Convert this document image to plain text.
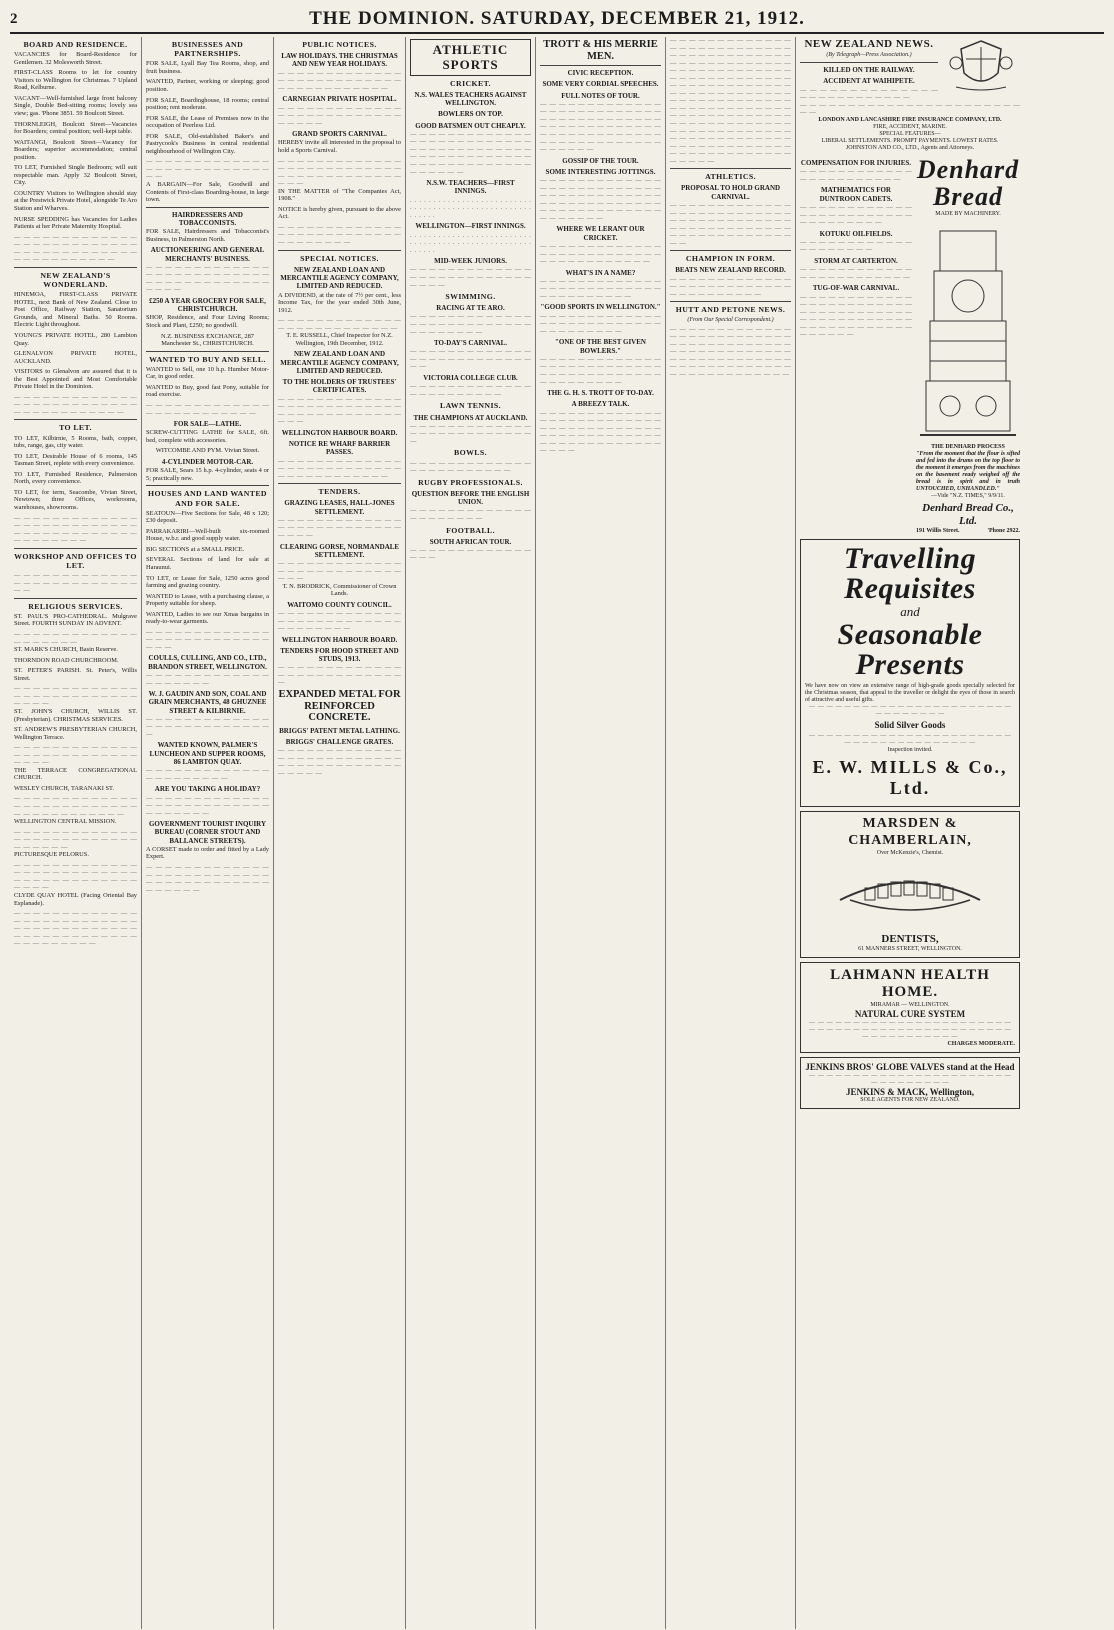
2	THE DOMINION. SATURDAY, DECEMBER 21, 1912.
BOARD AND RESIDENCE.
VACANCIES for Board-Residence for Gentlemen. 32 Molesworth Street.
FIRST-CLASS Rooms to let for country Visitors to Wellington for Christmas. 7 Upland Road, Kelburne.
VACANT—Well-furnished large front balcony Single, Double Bed-sitting rooms; lovely sea view; gas. 'Phone 3851. 59 Boulcott Street.
THORNLEIGH, Boulcott Street—Vacancies for Boarders; central position; well-kept table.
WAITANGI, Boulcott Street—Vacancy for Boarders; superior accommodation; central position.
TO LET, Furnished Single Bedroom; will suit respectable man. Apply 32 Boulcott Street, City.
COUNTRY Visitors to Wellington should stay at the Prestwick Private Hotel, alongside Te Aro Station and Wharves.
NURSE SPEDDING has Vacancies for Ladies Patients at her Private Maternity Hospital.
— — — — — — — — — — — — — — — — — — — — — — — — — — — — — — — — — — — — — — — — — — — — — — — — — —
NEW ZEALAND'S WONDERLAND.
HINEMOA, FIRST-CLASS PRIVATE HOTEL, next Bank of New Zealand. Close to Post Office, Railway Station, Sanatorium Grounds, and Mineral Baths. 50 Rooms. Electric Light throughout.
YOUNG'S PRIVATE HOTEL, 280 Lambton Quay.
GLENALVON PRIVATE HOTEL, AUCKLAND.
VISITORS to Glenalvon are assured that it is the Best Appointed and Most Comfortable Private Hotel in the Dominion.
— — — — — — — — — — — — — — — — — — — — — — — — — — — — — — — — — — — — — —
TO LET.
TO LET, Kilbirnie, 5 Rooms, bath, copper, tubs, range, gas, city water.
TO LET, Desirable House of 6 rooms, 145 Tasman Street, replete with every convenience.
TO LET, Furnished Residence, Palmerston North, every convenience.
TO LET, for term, Seacombe, Vivian Street, Newtown; three Offices, workrooms, warehouses, showrooms.
— — — — — — — — — — — — — — — — — — — — — — — — — — — — — — — — — — — — — — — — — — — — — — —
WORKSHOP AND OFFICES TO LET.
— — — — — — — — — — — — — — — — — — — — — — — — — — — —
RELIGIOUS SERVICES.
ST. PAUL'S PRO-CATHEDRAL. Mulgrave Street. FOURTH SUNDAY IN ADVENT.
— — — — — — — — — — — — — — — — — — — —
ST. MARK'S CHURCH, Basin Reserve.
THORNDON ROAD CHURCHROOM.
ST. PETER'S PARISH. St. Peter's, Willis Street.
— — — — — — — — — — — — — — — — — — — — — — — — — — — — — —
ST. JOHN'S CHURCH, WILLIS ST. (Presbyterian). CHRISTMAS SERVICES.
ST. ANDREW'S PRESBYTERIAN CHURCH, Wellington Terrace.
— — — — — — — — — — — — — — — — — — — — — — — — — — — — — —
THE TERRACE CONGREGATIONAL CHURCH.
WESLEY CHURCH, TARANAKI ST.
— — — — — — — — — — — — — — — — — — — — — — — — — — — — — — — — — — — — — —
WELLINGTON CENTRAL MISSION.
— — — — — — — — — — — — — — — — — — — — — — — — — — — — — — — —
PICTURESQUE PELORUS.
— — — — — — — — — — — — — — — — — — — — — — — — — — — — — — — — — — — — — — — — — — —
CLYDE QUAY HOTEL (Facing Oriental Bay Esplanade).
— — — — — — — — — — — — — — — — — — — — — — — — — — — — — — — — — — — — — — — — — — — — — — — — — — — — — — — — — — — — —
BUSINESSES AND PARTNERSHIPS.
FOR SALE, Lyall Bay Tea Rooms, shop, and fruit business.
WANTED, Partner, working or sleeping; good position.
FOR SALE, Boardinghouse, 18 rooms; central position; rent moderate.
FOR SALE, the Lease of Premises now in the occupation of Peerless Ltd.
FOR SALE, Old-established Baker's and Pastrycook's Business in central residential neighbourhood of Wellington City.
— — — — — — — — — — — — — — — — — — — — — — — — — — — —
A BARGAIN—For Sale, Goodwill and Contents of First-class Boarding-house, in large town.
HAIRDRESSERS AND TOBACCONISTS.
FOR SALE, Hairdressers and Tobacconist's Business, in Palmerston North.
AUCTIONEERING AND GENERAL MERCHANTS' BUSINESS.
— — — — — — — — — — — — — — — — — — — — — — — — — — — — — — — — — — — — — — — — — — —
£250 A YEAR GROCERY FOR SALE, CHRISTCHURCH.
SHOP, Residence, and Four Living Rooms; Stock and Plant, £250; no goodwill.
N.Z. BUSINESS EXCHANGE, 287 Manchester St., CHRISTCHURCH.
WANTED TO BUY AND SELL.
WANTED to Sell, one 10 h.p. Humber Motor-Car, in good order.
WANTED to Buy, good fast Pony, suitable for road exercise.
— — — — — — — — — — — — — — — — — — — — — — — — —
FOR SALE—LATHE.
SCREW-CUTTING LATHE for SALE, 6ft. bed, complete with accessories.
WITCOMBE AND PYM. Vivian Street.
4-CYLINDER MOTOR-CAR.
FOR SALE, Sears 15 h.p. 4-cylinder, seats 4 or 5; practically new.
HOUSES AND LAND WANTED AND FOR SALE.
SEATOUN—Five Sections for Sale, 48 x 120; £30 deposit.
PARRAKARIRI—Well-built six-roomed House, w.b.r. and good supply water.
BIG SECTIONS at a SMALL PRICE.
SEVERAL Sections of land for sale at Haraunui.
TO LET, or Lease for Sale, 1250 acres good farming and grazing country.
WANTED to Lease, with a purchasing clause, a Property suitable for sheep.
WANTED, Ladies to see our Xmas bargains in ready-to-wear garments.
— — — — — — — — — — — — — — — — — — — — — — — — — — — — —
COULLS, CULLING, AND CO., LTD., BRANDON STREET, WELLINGTON.
— — — — — — — — — — — — — — — — — — — —
W. J. GAUDIN AND SON, COAL AND GRAIN MERCHANTS, 48 GHUZNEE STREET & KILBIRNIE.
— — — — — — — — — — — — — — — — — — — — — — — — — — —
WANTED KNOWN, PALMER'S LUNCHEON AND SUPPER ROOMS, 86 LAMBTON QUAY.
— — — — — — — — — — — — — — — — — — — — — —
ARE YOU TAKING A HOLIDAY?
— — — — — — — — — — — — — — — — — — — — — — — — — — — — — — — — —
GOVERNMENT TOURIST INQUIRY BUREAU (CORNER STOUT AND BALLANCE STREETS).
A CORSET made to order and fitted by a Lady Expert.
— — — — — — — — — — — — — — — — — — — — — — — — — — — — — — — — — — — — — — — — — — — — —
PUBLIC NOTICES.
LAW HOLIDAYS. THE CHRISTMAS AND NEW YEAR HOLIDAYS.
— — — — — — — — — — — — — — — — — — — — — — — — — — — — — — — — — — — — — —
CARNEGIAN PRIVATE HOSPITAL.
— — — — — — — — — — — — — — — — — — — — — — — — — — — — — — —
GRAND SPORTS CARNIVAL.
HEREBY invite all interested in the proposal to hold a Sports Carnival.
— — — — — — — — — — — — — — — — — — — — — — — — — — — — — — — — — — — — — — — — — —
IN THE MATTER of "The Companies Act, 1908."
NOTICE is hereby given, pursuant to the above Act.
— — — — — — — — — — — — — — — — — — — — — — — — — — — — — — — — — —
SPECIAL NOTICES.
NEW ZEALAND LOAN AND MERCANTILE AGENCY COMPANY, LIMITED AND REDUCED.
A DIVIDEND, at the rate of 7½ per cent., less Income Tax, for the year ended 30th June, 1912.
— — — — — — — — — — — — — — — — — — — — — — — — — —
T. E. RUSSELL, Chief Inspector for N.Z. Wellington, 19th December, 1912.
NEW ZEALAND LOAN AND MERCANTILE AGENCY COMPANY, LIMITED AND REDUCED.
TO THE HOLDERS OF TRUSTEES' CERTIFICATES.
— — — — — — — — — — — — — — — — — — — — — — — — — — — — — — — — — — — — — — — — — —
WELLINGTON HARBOUR BOARD.
NOTICE RE WHARF BARRIER PASSES.
— — — — — — — — — — — — — — — — — — — — — — — — — — — — — — — — — — — — — —
TENDERS.
GRAZING LEASES, HALL-JONES SETTLEMENT.
— — — — — — — — — — — — — — — — — — — — — — — — — — — — — —
CLEARING GORSE, NORMANDALE SETTLEMENT.
— — — — — — — — — — — — — — — — — — — — — — — — — — — — —
T. N. BRODRICK, Commissioner of Crown Lands.
WAITOMO COUNTY COUNCIL.
— — — — — — — — — — — — — — — — — — — — — — — — — — — — — — — — — —
WELLINGTON HARBOUR BOARD.
TENDERS FOR HOOD STREET AND STUDS, 1913.
— — — — — — — — — — — — — — — — — — — — — — — — — — —
EXPANDED METAL FOR REINFORCED CONCRETE.
BRIGGS' PATENT METAL LATHING.
BRIGGS' CHALLENGE GRATES.
— — — — — — — — — — — — — — — — — — — — — — — — — — — — — — — — — — — — — — — — — — — —
ATHLETIC SPORTS
CRICKET.
N.S. WALES TEACHERS AGAINST WELLINGTON.
BOWLERS ON TOP.
GOOD BATSMEN OUT CHEAPLY.
— — — — — — — — — — — — — — — — — — — — — — — — — — — — — — — — — — — — — — — — — — — — — — — — — — — — — — — — — — — — — — — — — — — — — — —
N.S.W. TEACHERS—FIRST INNINGS.
. . . . . . . . . . . . . . . . . . . . . . . . . . . . . . . . . . . . . . . . . . . . . . . . . . . . . . . . . .
WELLINGTON—FIRST INNINGS.
. . . . . . . . . . . . . . . . . . . . . . . . . . . . . . . . . . . . . . . . . . . . . . . . . . . . . . . . . .
MID-WEEK JUNIORS.
— — — — — — — — — — — — — — — — — — — — — — — — — — — — — —
SWIMMING.
RACING AT TE ARO.
— — — — — — — — — — — — — — — — — — — — — — — — — — — — — — — — — —
TO-DAY'S CARNIVAL.
— — — — — — — — — — — — — — — — — — — — — — — — — — — —
VICTORIA COLLEGE CLUB.
— — — — — — — — — — — — — — — — — — — — — — —
LAWN TENNIS.
THE CHAMPIONS AT AUCKLAND.
— — — — — — — — — — — — — — — — — — — — — — — — — — —
BOWLS.
— — — — — — — — — — — — — — — — — — — — — — — —
RUGBY PROFESSIONALS.
QUESTION BEFORE THE ENGLISH UNION.
— — — — — — — — — — — — — — — — — — — — —
FOOTBALL.
SOUTH AFRICAN TOUR.
— — — — — — — — — — — — — — — —
TROTT & HIS MERRIE MEN.
CIVIC RECEPTION.
SOME VERY CORDIAL SPEECHES.
FULL NOTES OF TOUR.
— — — — — — — — — — — — — — — — — — — — — — — — — — — — — — — — — — — — — — — — — — — — — — — — — — — — — — — — — — — — — — — — — — — — — — — — — — — — — — — — — — — —
GOSSIP OF THE TOUR.
SOME INTERESTING JOTTINGS.
— — — — — — — — — — — — — — — — — — — — — — — — — — — — — — — — — — — — — — — — — — — — — — — — — — — — — — — — — — — — — — — — — — — — — — — —
WHERE WE LERANT OUR CRICKET.
— — — — — — — — — — — — — — — — — — — — — — — — — — — — — — — — — — — — — —
WHAT'S IN A NAME?
— — — — — — — — — — — — — — — — — — — — — — — — — — — — — — — — — — — —
"GOOD SPORTS IN WELLINGTON."
— — — — — — — — — — — — — — — — — — — — — — — — — — — — — — — — — — —
"ONE OF THE BEST GIVEN BOWLERS."
— — — — — — — — — — — — — — — — — — — — — — — — — — — — — — — — — — — — — — — — — — — — — — — —
THE G. H. S. TROTT OF TO-DAY.
A BREEZY TALK.
— — — — — — — — — — — — — — — — — — — — — — — — — — — — — — — — — — — — — — — — — — — — — — — — — — — — — — — — — — — — — — — — — — — — —
— — — — — — — — — — — — — — — — — — — — — — — — — — — — — — — — — — — — — — — — — — — — — — — — — — — — — — — — — — — — — — — — — — — — — — — — — — — — — — — — — — — — — — — — — — — — — — — — — — — — — — — — — — — — — — — — — — — — — — — — — — — — — — — — — — — — — — — — — — — — — — — — — — — — — — — — — — — — — — — — — — — — — — — — — — — — — — — — — — — — — — — — — — — — — — — — — — — — — — — — — — — — — — — — — — — — —
ATHLETICS.
PROPOSAL TO HOLD GRAND CARNIVAL.
— — — — — — — — — — — — — — — — — — — — — — — — — — — — — — — — — — — — — — — — — — — — — — — — — — — — — — — — — — — — — — — — — — —
CHAMPION IN FORM.
BEATS NEW ZEALAND RECORD.
— — — — — — — — — — — — — — — — — — — — — — — — — — — — — — — — — — — —
HUTT AND PETONE NEWS.
(From Our Special Correspondent.)
— — — — — — — — — — — — — — — — — — — — — — — — — — — — — — — — — — — — — — — — — — — — — — — — — — — — — — — — — — — — — — — — — — — — — — — — — — — — — — — — — — — — — — — — — — —
NEW ZEALAND NEWS.
(By Telegraph—Press Association.)
KILLED ON THE RAILWAY.
ACCIDENT AT WAIHIPETE.
— — — — — — — — — — — — — — — — — — — — — — — — — —
— — — — — — — — — — — — — — — — — — — — — — — — —
LONDON AND LANCASHIRE FIRE INSURANCE COMPANY, LTD.
FIRE, ACCIDENT, MARINE.
SPECIAL FEATURES—
LIBERAL SETTLEMENTS. PROMPT PAYMENTS. LOWEST RATES.
JOHNSTON AND CO., LTD., Agents and Attorneys.
COMPENSATION FOR INJURIES.
— — — — — — — — — — — — — — — — — — — — — — —
MATHEMATICS FOR DUNTROON CADETS.
— — — — — — — — — — — — — — — — — — — — — — — — — — — — — — — — —
KOTUKU OILFIELDS.
— — — — — — — — — — — — — — — — — — — —
STORM AT CARTERTON.
— — — — — — — — — — — — — — — — — — — — — — — —
TUG-OF-WAR CARNIVAL.
— — — — — — — — — — — — — — — — — — — — — — — — — — — — — — — — — — — — — — — — — — — — — — — — — — — — — — — — — — — — — — — — — —
Denhard Bread
MADE BY MACHINERY.
THE DENHARD PROCESS
"From the moment that the flour is sifted and fed into the drums on the top floor to the moment it emerges from the machines on the basement ready weighed off the bread is in spirit and in truth UNTOUCHED, UNHANDLED."
—Vide "N.Z. TIMES," 9/9/11.
Denhard Bread Co., Ltd.
191 Willis Street.	'Phone 2922.
Travelling
Requisites
and
Seasonable Presents
We have now on view an extensive range of high-grade goods specially selected for the Christmas season, that appeal to the traveller or delight the eyes of those in search of attractive and useful gifts.
— — — — — — — — — — — — — — — — — — — — — — — — — — — — — — —
Solid Silver Goods
— — — — — — — — — — — — — — — — — — — — — — — — — — — — — — — — — — — — — —
Inspection invited.
E. W. MILLS & Co., Ltd.
MARSDEN & CHAMBERLAIN,
Over McKenzie's, Chemist.
DENTISTS,
61 MANNERS STREET, WELLINGTON.
LAHMANN HEALTH HOME.
MIRAMAR — WELLINGTON.
NATURAL CURE SYSTEM
— — — — — — — — — — — — — — — — — — — — — — — — — — — — — — — — — — — — — — — — — — — — — — — — — — — — — — — — —
CHARGES MODERATE.
JENKINS BROS' GLOBE VALVES stand at the Head
— — — — — — — — — — — — — — — — — — — — — — — — — — — — — — — —
JENKINS & MACK, Wellington,
SOLE AGENTS FOR NEW ZEALAND.
